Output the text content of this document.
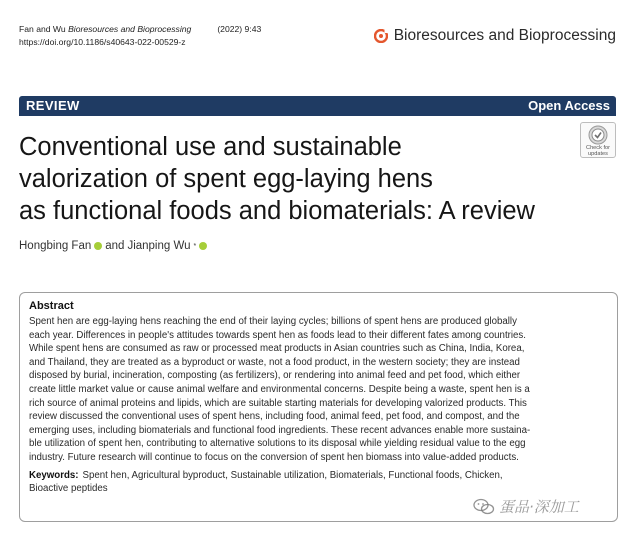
Fan and Wu Bioresources and Bioprocessing	(2022) 9:43
https://doi.org/10.1186/s40643-022-00529-z	Bioresources and Bioprocessing
REVIEW	Open Access
Conventional use and sustainable
valorization of spent egg-laying hens
as functional foods and biomaterials: A review
Check for
updates
Hongbing Fan and Jianping Wu *
Abstract

Spent hen are egg-laying hens reaching the end of their laying cycles; billions of spent hens are produced globally
each year. Differences in people's attitudes towards spent hen as foods lead to their different fates among countries.
While spent hens are consumed as raw or processed meat products in Asian countries such as China, India, Korea,
and Thailand, they are treated as a byproduct or waste, not a food product, in the western society; they are instead
disposed by burial, incineration, composting (as fertilizers), or rendering into animal feed and pet food, which either
create little market value or cause animal welfare and environmental concerns. Despite being a waste, spent hen is a
rich source of animal proteins and lipids, which are suitable starting materials for developing valorized products. This
review discussed the conventional uses of spent hens, including food, animal feed, pet food, and compost, and the
emerging uses, including biomaterials and functional food ingredients. These recent advances enable more sustaina-
ble utilization of spent hen, contributing to alternative solutions to its disposal while yielding residual value to the egg
industry. Future research will continue to focus on the conversion of spent hen biomass into value-added products.

Keywords: Spent hen, Agricultural byproduct, Sustainable utilization, Biomaterials, Functional foods, Chicken,
Bioactive peptides
蛋品·深加工
